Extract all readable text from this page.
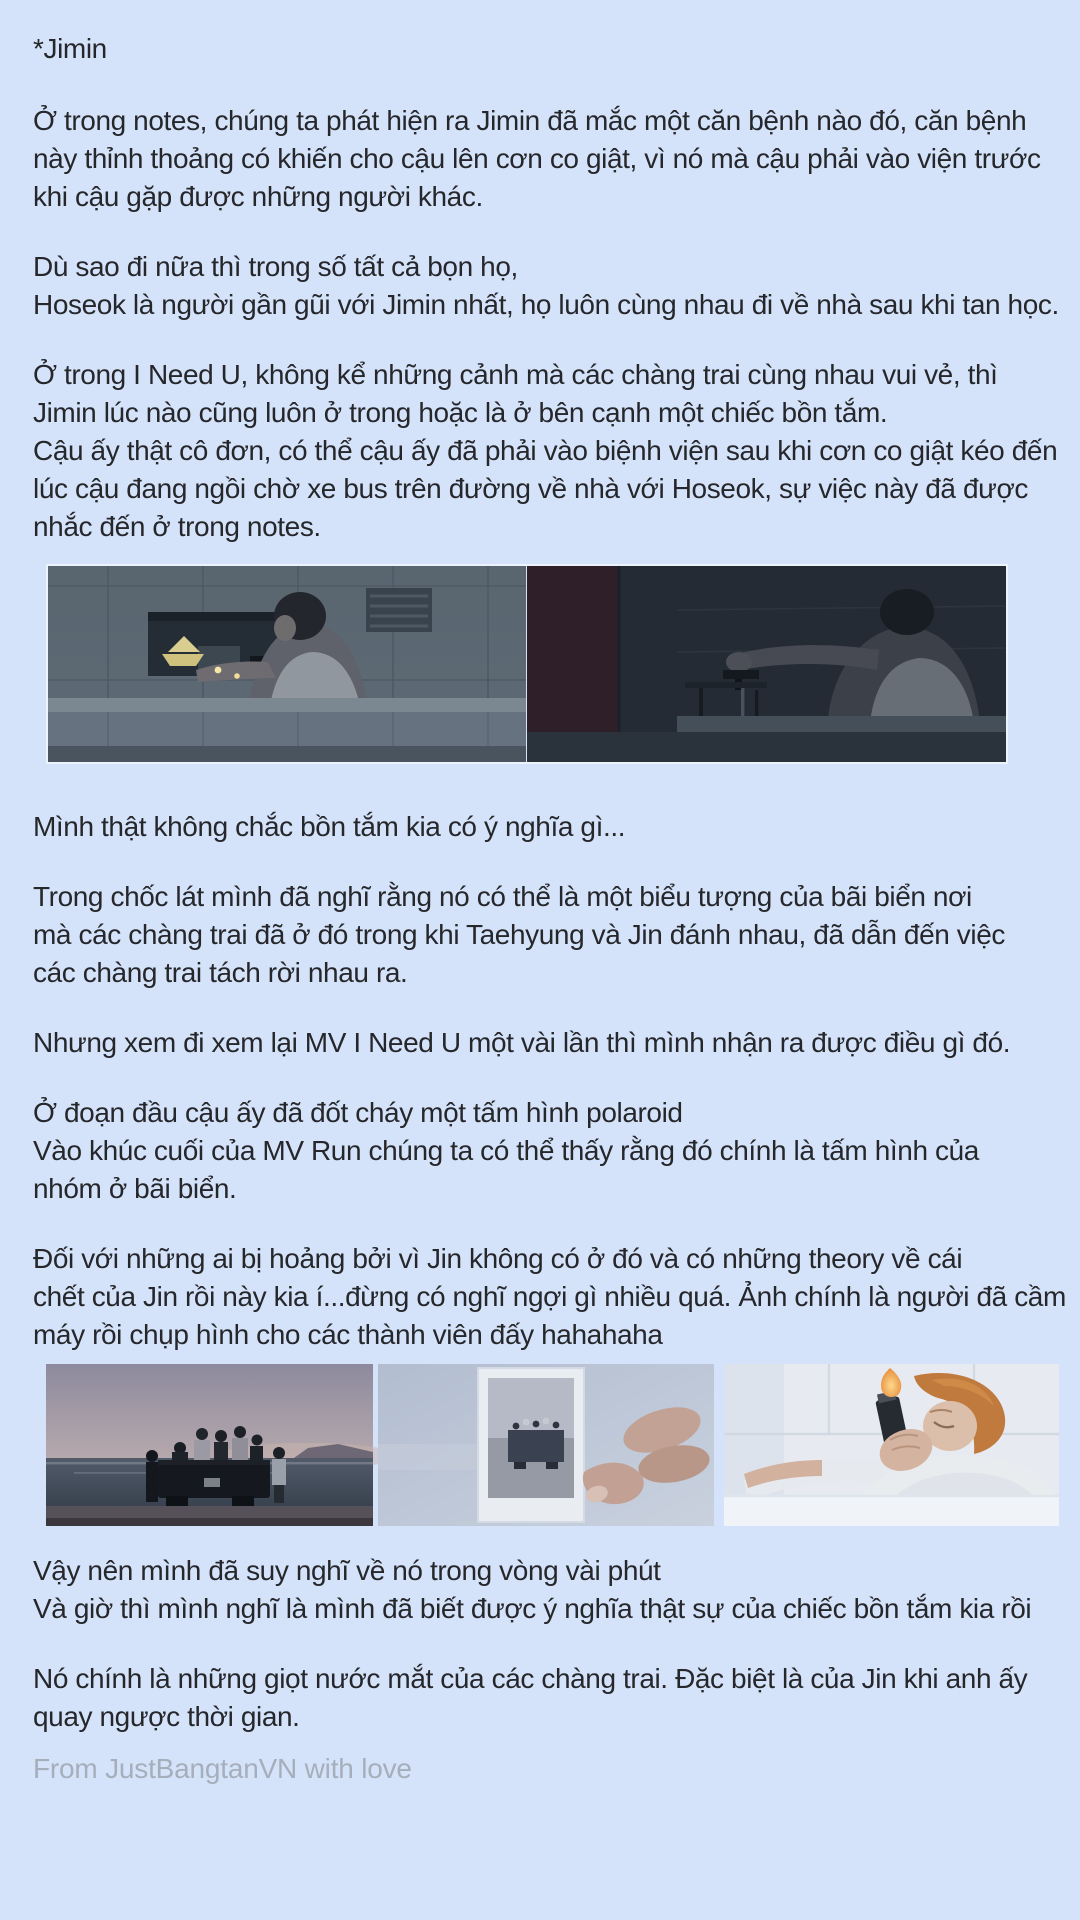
*Jimin
Ở trong notes, chúng ta phát hiện ra Jimin đã mắc một căn bệnh nào đó, căn bệnh
này thỉnh thoảng có khiến cho cậu lên cơn co giật, vì nó mà cậu phải vào viện trước
khi cậu gặp được những người khác.
Dù sao đi nữa thì trong số tất cả bọn họ,
Hoseok là người gần gũi với Jimin nhất, họ luôn cùng nhau đi về nhà sau khi tan học.
Ở trong I Need U, không kể những cảnh mà các chàng trai cùng nhau vui vẻ, thì
Jimin lúc nào cũng luôn ở trong hoặc là ở bên cạnh một chiếc bồn tắm.
Cậu ấy thật cô đơn, có thể cậu ấy đã phải vào biệnh viện sau khi cơn co giật kéo đến
lúc cậu đang ngồi chờ xe bus trên đường về nhà với Hoseok, sự việc này đã được
nhắc đến ở trong notes.
Mình thật không chắc bồn tắm kia có ý nghĩa gì...
Trong chốc lát mình đã nghĩ rằng nó có thể là một biểu tượng của bãi biển nơi
mà các chàng trai đã ở đó trong khi Taehyung và Jin đánh nhau, đã dẫn đến việc
các chàng trai tách rời nhau ra.
Nhưng xem đi xem lại MV I Need U một vài lần thì mình nhận ra được điều gì đó.
Ở đoạn đầu cậu ấy đã đốt cháy một tấm hình polaroid
Vào khúc cuối của MV Run chúng ta có thể thấy rằng đó chính là tấm hình của
nhóm ở bãi biển.
Đối với những ai bị hoảng bởi vì Jin không có ở đó và có những theory về cái
chết của Jin rồi này kia í...đừng có nghĩ ngợi gì nhiều quá. Ảnh chính là người đã cầm
máy rồi chụp hình cho các thành viên đấy hahahaha
Vậy nên mình đã suy nghĩ về nó trong vòng vài phút
Và giờ thì mình nghĩ là mình đã biết được ý nghĩa thật sự của chiếc bồn tắm kia rồi
Nó chính là những giọt nước mắt của các chàng trai. Đặc biệt là của Jin khi anh ấy
quay ngược thời gian.
From JustBangtanVN with love
